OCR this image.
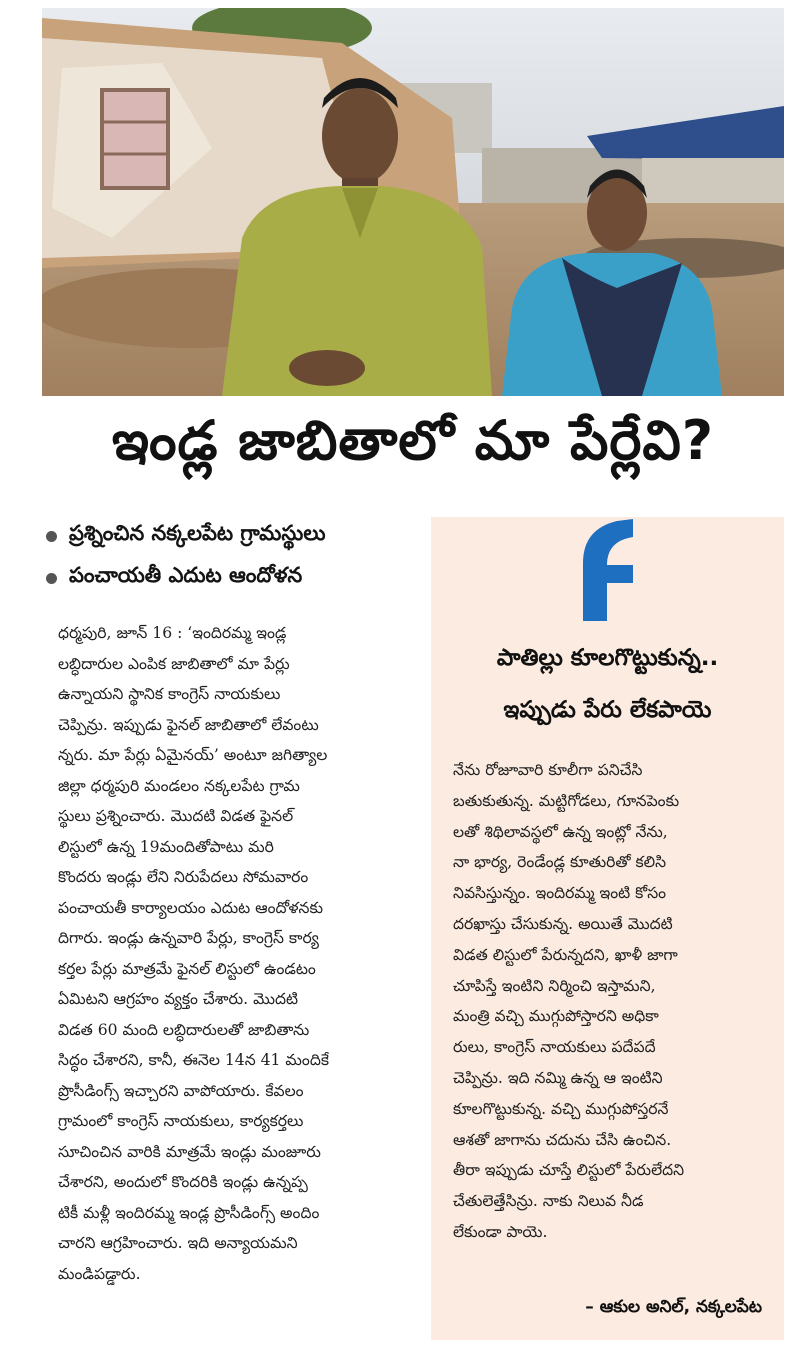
ఇండ్ల జాబితాలో మా పేర్లేవి?
ప్రశ్నించిన నక్కలపేట గ్రామస్థులు
పంచాయతీ ఎదుట ఆందోళన
ధర్మపురి, జూన్ 16 : ‘ఇందిరమ్మ ఇండ్ల
లబ్ధిదారుల ఎంపిక జాబితాలో మా పేర్లు
ఉన్నాయని స్థానిక కాంగ్రెస్ నాయకులు
చెప్పిన్రు. ఇప్పుడు ఫైనల్ జాబితాలో లేవంటు
న్నరు. మా పేర్లు ఏమైనయ్’ అంటూ జగిత్యాల
జిల్లా ధర్మపురి మండలం నక్కలపేట గ్రామ
స్థులు ప్రశ్నించారు. మొదటి విడత ఫైనల్
లిస్టులో ఉన్న 19మందితోపాటు మరి
కొందరు ఇండ్లు లేని నిరుపేదలు సోమవారం
పంచాయతీ కార్యాలయం ఎదుట ఆందోళనకు
దిగారు. ఇండ్లు ఉన్నవారి పేర్లు, కాంగ్రెస్ కార్య
కర్తల పేర్లు మాత్రమే ఫైనల్ లిస్టులో ఉండటం
ఏమిటని ఆగ్రహం వ్యక్తం చేశారు. మొదటి
విడత 60 మంది లబ్ధిదారులతో జాబితాను
సిద్ధం చేశారని, కానీ, ఈనెల 14న 41 మందికే
ప్రొసీడింగ్స్ ఇచ్చారని వాపోయారు. కేవలం
గ్రామంలో కాంగ్రెస్ నాయకులు, కార్యకర్తలు
సూచించిన వారికి మాత్రమే ఇండ్లు మంజూరు
చేశారని, అందులో కొందరికి ఇండ్లు ఉన్నప్ప
టికీ మళ్లీ ఇందిరమ్మ ఇండ్ల ప్రొసీడింగ్స్ అందిం
చారని ఆగ్రహించారు. ఇది అన్యాయమని
మండిపడ్డారు.
పాతిల్లు కూలగొట్టుకున్న..
ఇప్పుడు పేరు లేకపాయె
నేను రోజూవారి కూలీగా పనిచేసి
బతుకుతున్న. మట్టిగోడలు, గూనపెంకు
లతో శిథిలావస్థలో ఉన్న ఇంట్లో నేను,
నా భార్య, రెండేండ్ల కూతురితో కలిసి
నివసిస్తున్నం. ఇందిరమ్మ ఇంటి కోసం
దరఖాస్తు చేసుకున్న. అయితే మొదటి
విడత లిస్టులో పేరున్నదని, ఖాళీ జాగా
చూపిస్తే ఇంటిని నిర్మించి ఇస్తామని,
మంత్రి వచ్చి ముగ్గుపోస్తారని అధికా
రులు, కాంగ్రెస్ నాయకులు పదేపదే
చెప్పిన్రు. ఇది నమ్మి ఉన్న ఆ ఇంటిని
కూలగొట్టుకున్న. వచ్చి ముగ్గుపోస్తరనే
ఆశతో జాగాను చదును చేసి ఉంచిన.
తీరా ఇప్పుడు చూస్తే లిస్టులో పేరులేదని
చేతులెత్తేసిన్రు. నాకు నిలువ నీడ
లేకుండా పాయె.
– ఆకుల అనిల్, నక్కలపేట
